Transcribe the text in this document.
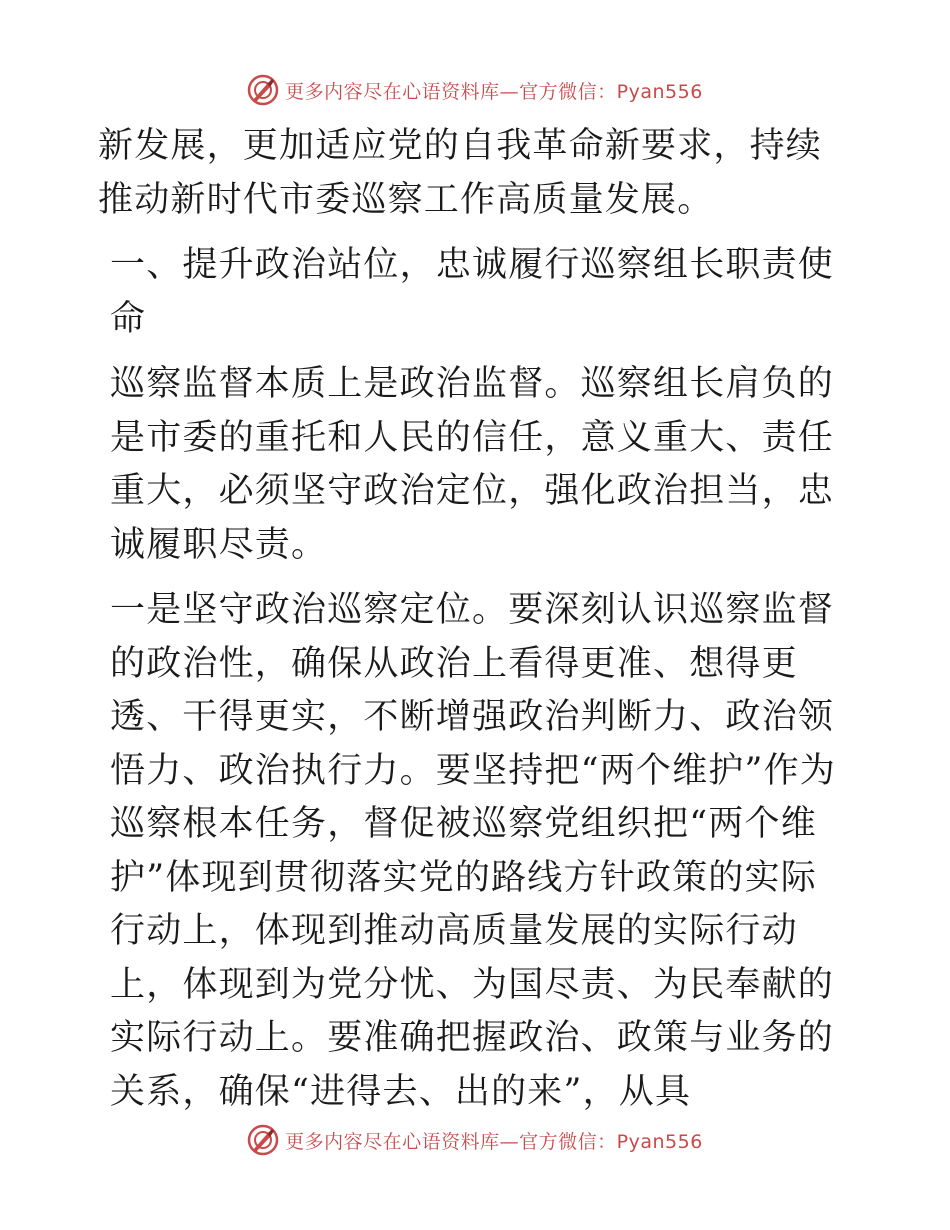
更多内容尽在心语资料库—官方微信：Pyan556

新发展，更加适应党的自我革命新要求，持续推动新时代市委巡察工作高质量发展。

一、提升政治站位，忠诚履行巡察组长职责使命

巡察监督本质上是政治监督。巡察组长肩负的是市委的重托和人民的信任，意义重大、责任重大，必须坚守政治定位，强化政治担当，忠诚履职尽责。

一是坚守政治巡察定位。要深刻认识巡察监督的政治性，确保从政治上看得更准、想得更透、干得更实，不断增强政治判断力、政治领悟力、政治执行力。要坚持把“两个维护”作为巡察根本任务，督促被巡察党组织把“两个维护”体现到贯彻落实党的路线方针政策的实际行动上，体现到推动高质量发展的实际行动上，体现到为党分忧、为国尽责、为民奉献的实际行动上。要准确把握政治、政策与业务的关系，确保“进得去、出的来”，从具

更多内容尽在心语资料库—官方微信：Pyan556
